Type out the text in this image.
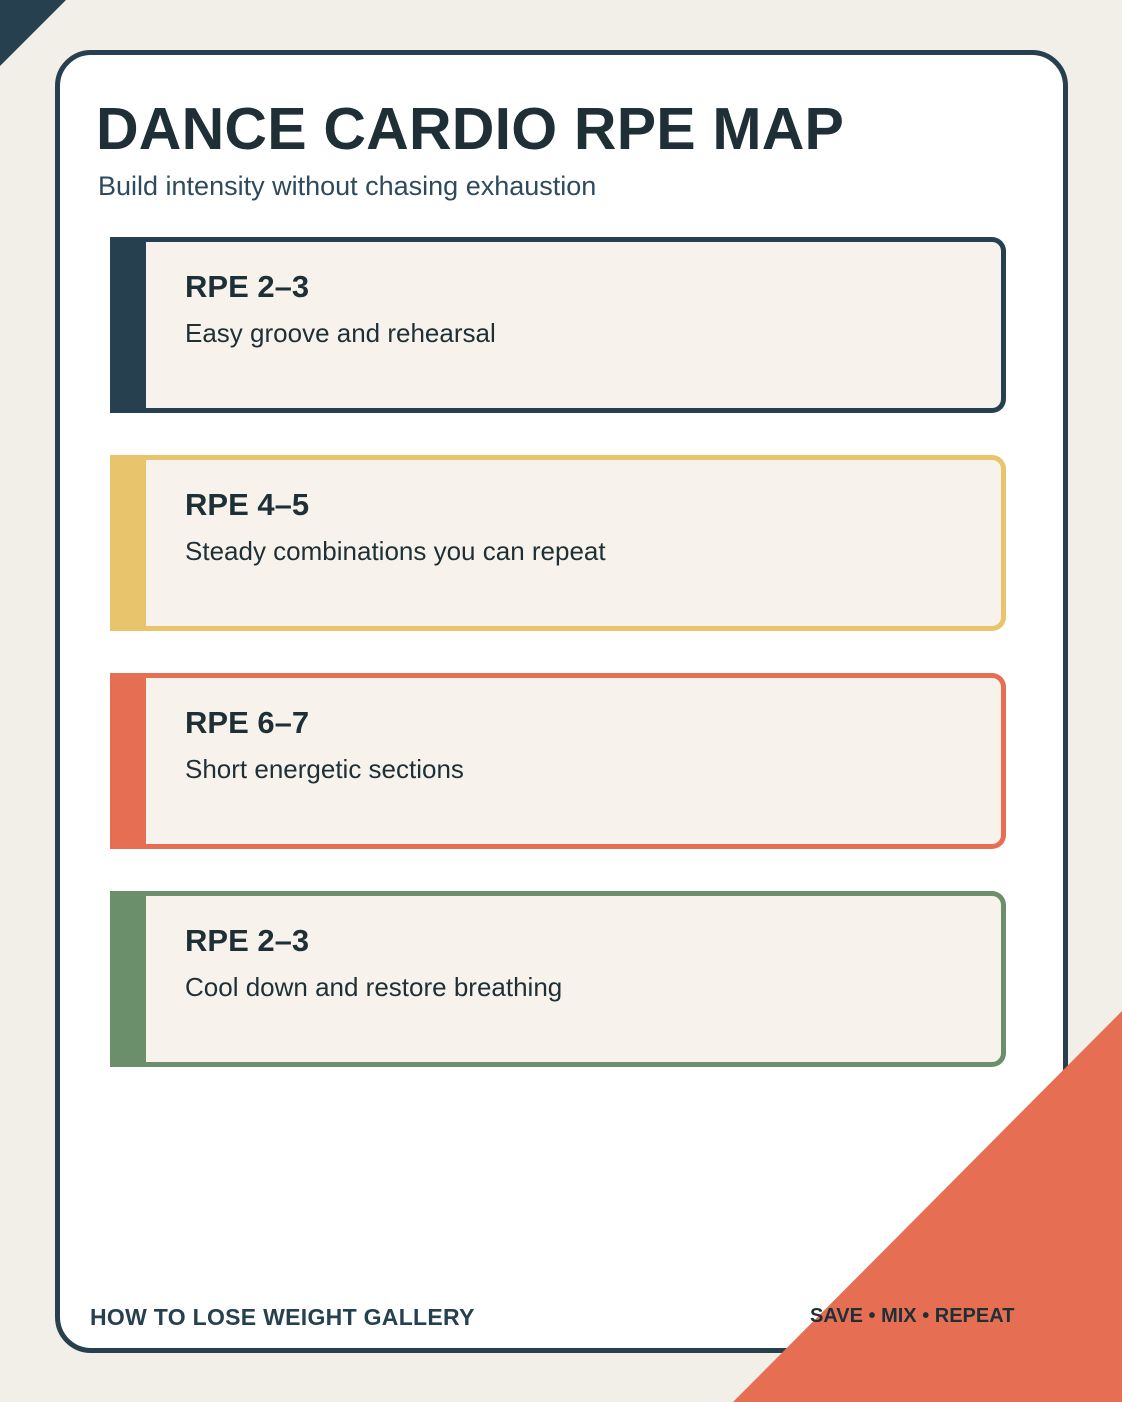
DANCE CARDIO RPE MAP

Build intensity without chasing exhaustion

RPE 2–3
Easy groove and rehearsal
RPE 4–5
Steady combinations you can repeat
RPE 6–7
Short energetic sections
RPE 2–3
Cool down and restore breathing
HOW TO LOSE WEIGHT GALLERY	SAVE • MIX • REPEAT
